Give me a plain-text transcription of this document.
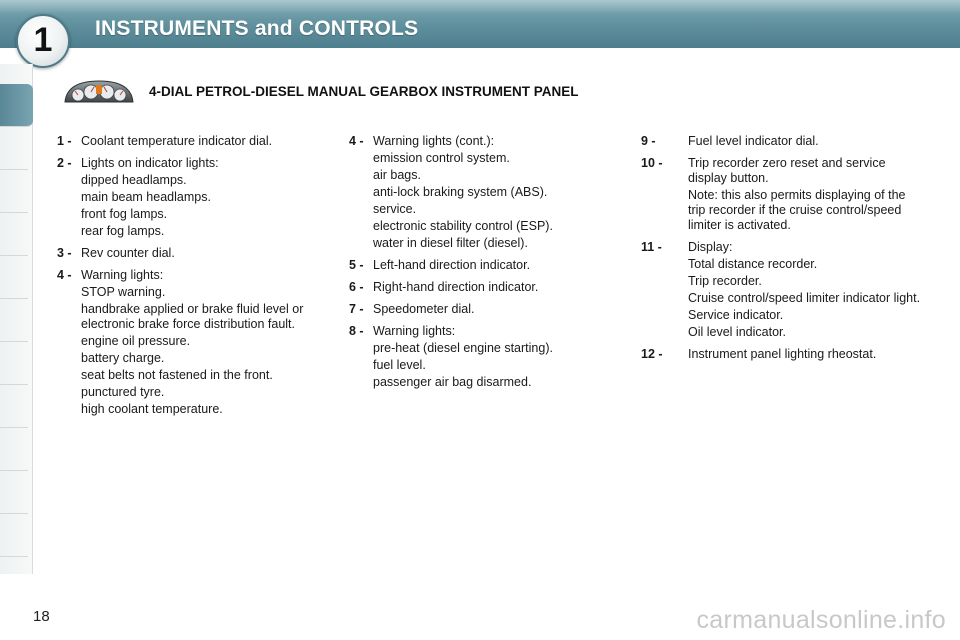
INSTRUMENTS and CONTROLS
1
4-DIAL PETROL-DIESEL MANUAL GEARBOX INSTRUMENT PANEL
1 - Coolant temperature indicator dial.
2 - Lights on indicator lights:
dipped headlamps.
main beam headlamps.
front fog lamps.
rear fog lamps.
3 - Rev counter dial.
4 - Warning lights:
STOP warning.
handbrake applied or brake fluid level or electronic brake force distribution fault.
engine oil pressure.
battery charge.
seat belts not fastened in the front.
punctured tyre.
high coolant temperature.
4 - Warning lights (cont.):
emission control system.
air bags.
anti-lock braking system (ABS).
service.
electronic stability control (ESP).
water in diesel filter (diesel).
5 - Left-hand direction indicator.
6 - Right-hand direction indicator.
7 - Speedometer dial.
8 - Warning lights:
pre-heat (diesel engine starting).
fuel level.
passenger air bag disarmed.
9 -	Fuel level indicator dial.
10 -	Trip recorder zero reset and service display button.
Note: this also permits displaying of the trip recorder if the cruise control/speed limiter is activated.
11 -	Display:
Total distance recorder.
Trip recorder.
Cruise control/speed limiter indicator light.
Service indicator.
Oil level indicator.
12 -	Instrument panel lighting rheostat.
18	carmanualsonline.info
